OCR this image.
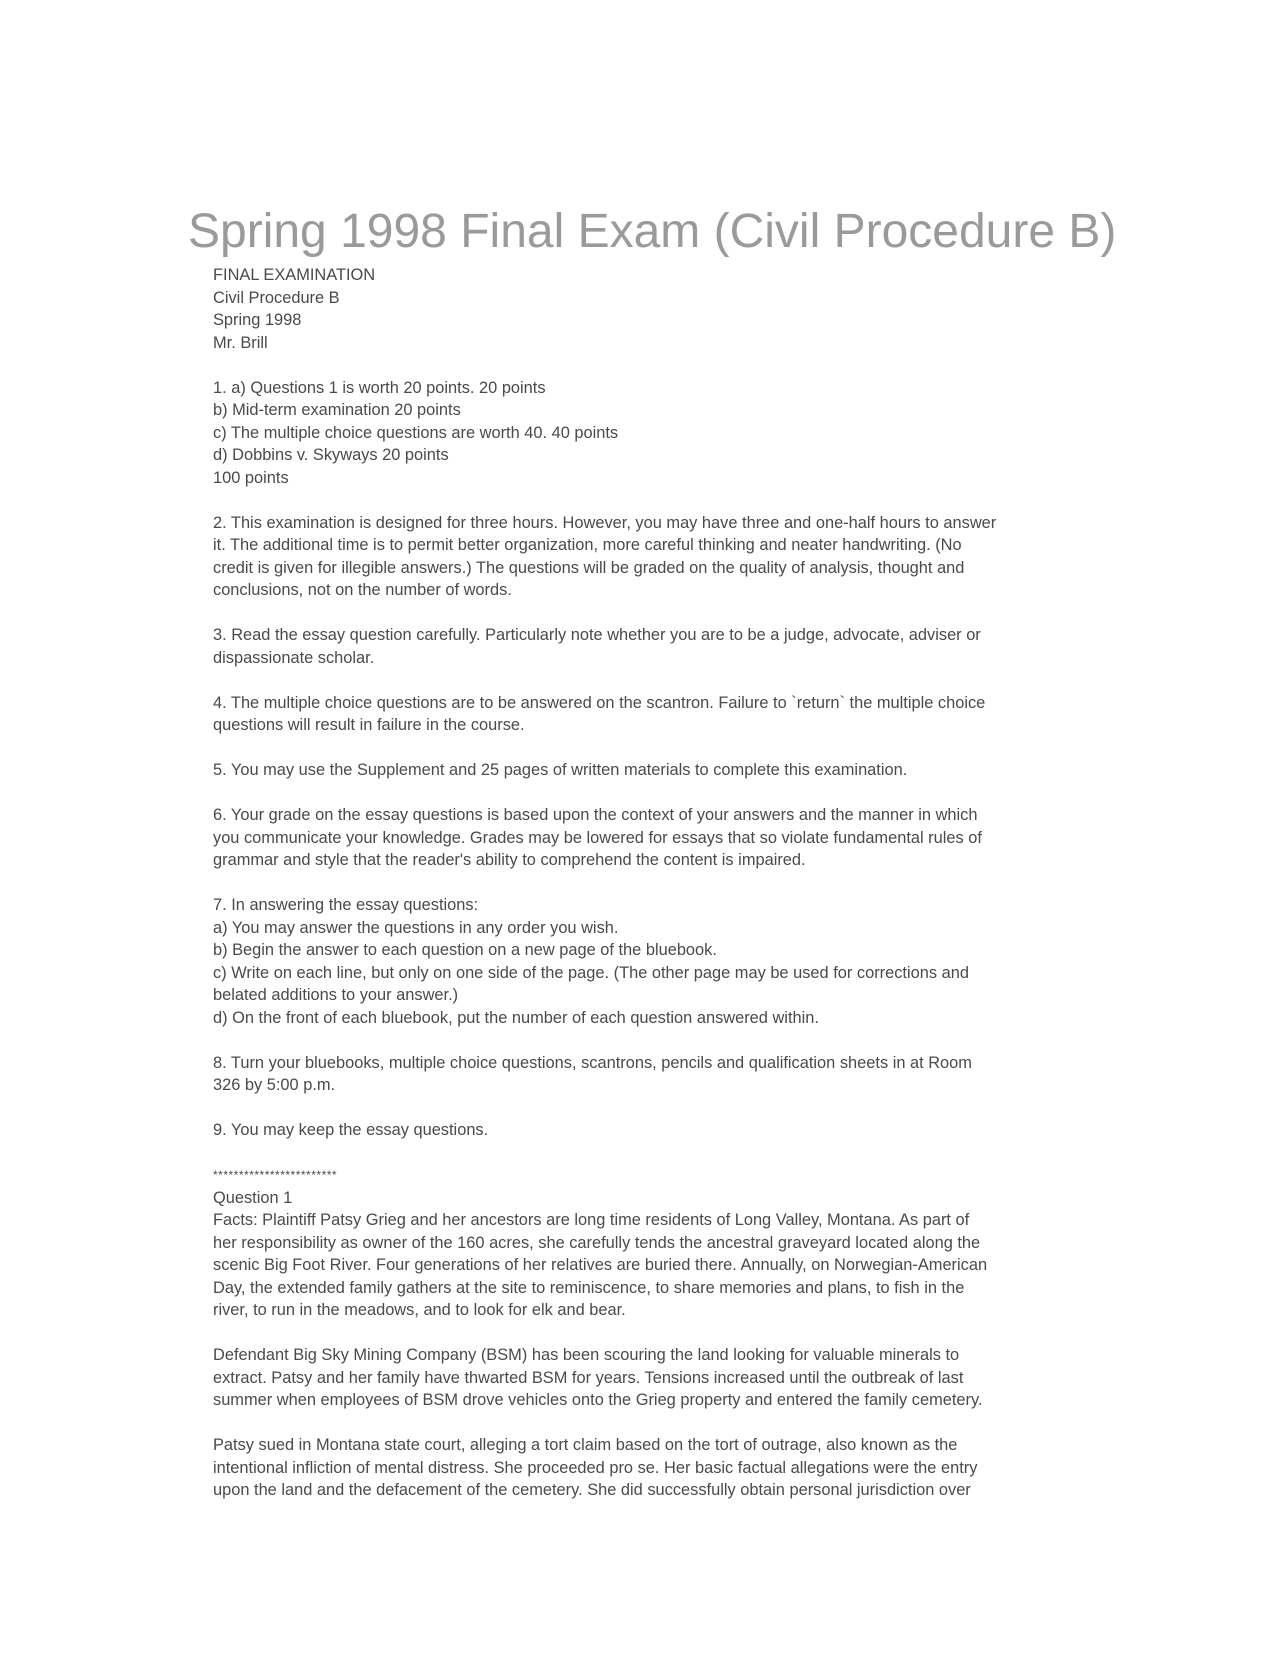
Spring 1998 Final Exam (Civil Procedure B)
FINAL EXAMINATION
Civil Procedure B
Spring 1998
Mr. Brill
1. a) Questions 1 is worth 20 points. 20 points
b) Mid-term examination 20 points
c) The multiple choice questions are worth 40. 40 points
d) Dobbins v. Skyways 20 points
100 points
2. This examination is designed for three hours. However, you may have three and one-half hours to answer
it. The additional time is to permit better organization, more careful thinking and neater handwriting. (No
credit is given for illegible answers.) The questions will be graded on the quality of analysis, thought and
conclusions, not on the number of words.
3. Read the essay question carefully. Particularly note whether you are to be a judge, advocate, adviser or
dispassionate scholar.
4. The multiple choice questions are to be answered on the scantron. Failure to `return` the multiple choice
questions will result in failure in the course.
5. You may use the Supplement and 25 pages of written materials to complete this examination.
6. Your grade on the essay questions is based upon the context of your answers and the manner in which
you communicate your knowledge. Grades may be lowered for essays that so violate fundamental rules of
grammar and style that the reader's ability to comprehend the content is impaired.
7. In answering the essay questions:
a) You may answer the questions in any order you wish.
b) Begin the answer to each question on a new page of the bluebook.
c) Write on each line, but only on one side of the page. (The other page may be used for corrections and
belated additions to your answer.)
d) On the front of each bluebook, put the number of each question answered within.
8. Turn your bluebooks, multiple choice questions, scantrons, pencils and qualification sheets in at Room
326 by 5:00 p.m.
9. You may keep the essay questions.
************************
Question 1
Facts: Plaintiff Patsy Grieg and her ancestors are long time residents of Long Valley, Montana. As part of
her responsibility as owner of the 160 acres, she carefully tends the ancestral graveyard located along the
scenic Big Foot River. Four generations of her relatives are buried there. Annually, on Norwegian-American
Day, the extended family gathers at the site to reminiscence, to share memories and plans, to fish in the
river, to run in the meadows, and to look for elk and bear.
Defendant Big Sky Mining Company (BSM) has been scouring the land looking for valuable minerals to
extract. Patsy and her family have thwarted BSM for years. Tensions increased until the outbreak of last
summer when employees of BSM drove vehicles onto the Grieg property and entered the family cemetery.
Patsy sued in Montana state court, alleging a tort claim based on the tort of outrage, also known as the
intentional infliction of mental distress. She proceeded pro se. Her basic factual allegations were the entry
upon the land and the defacement of the cemetery. She did successfully obtain personal jurisdiction over
